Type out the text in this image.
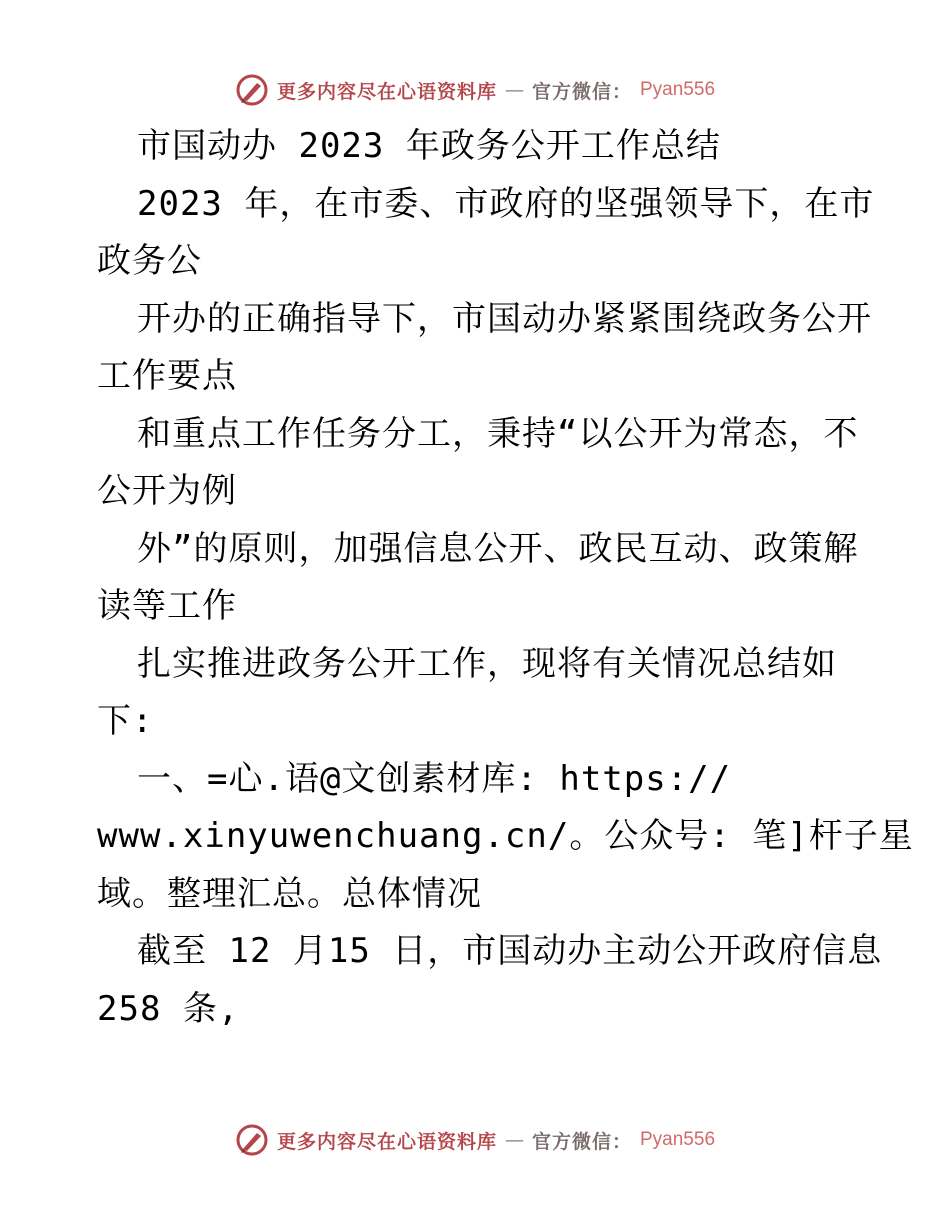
更多内容尽在心语资料库 — 官方微信： Pyan556
市国动办 2023 年政务公开工作总结
2023 年，在市委、市政府的坚强领导下，在市
政务公
开办的正确指导下，市国动办紧紧围绕政务公开
工作要点
和重点工作任务分工，秉持“以公开为常态，不
公开为例
外”的原则，加强信息公开、政民互动、政策解
读等工作
扎实推进政务公开工作，现将有关情况总结如
下:
一、=心.语@文创素材库: https://
www.xinyuwenchuang.cn/。公众号: 笔]杆子星
域。整理汇总。总体情况
截至 12 月15 日，市国动办主动公开政府信息
258 条,
更多内容尽在心语资料库 — 官方微信： Pyan556
